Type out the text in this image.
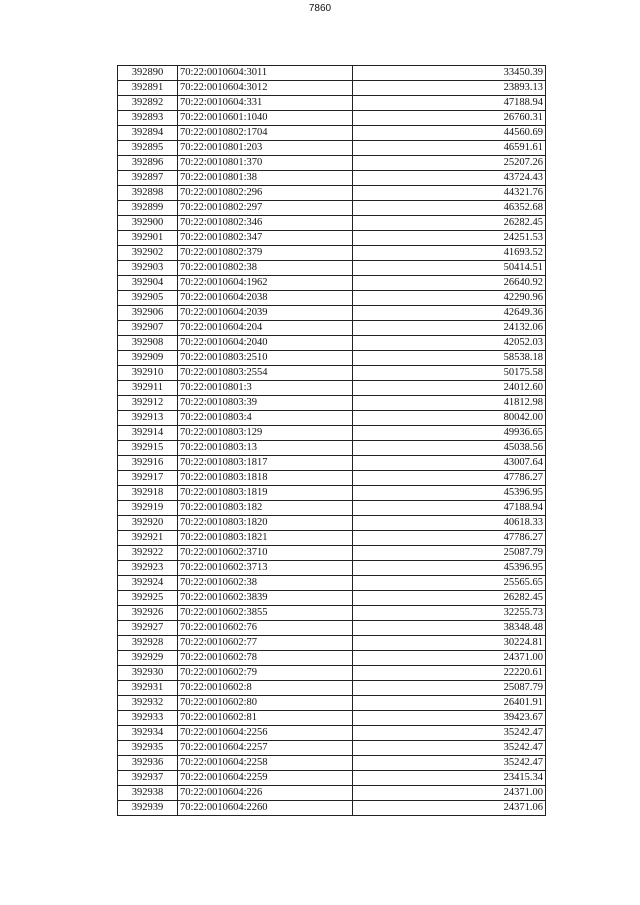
7860
392890	70:22:0010604:3011	33450.39
392891	70:22:0010604:3012	23893.13
392892	70:22:0010604:331	47188.94
392893	70:22:0010601:1040	26760.31
392894	70:22:0010802:1704	44560.69
392895	70:22:0010801:203	46591.61
392896	70:22:0010801:370	25207.26
392897	70:22:0010801:38	43724.43
392898	70:22:0010802:296	44321.76
392899	70:22:0010802:297	46352.68
392900	70:22:0010802:346	26282.45
392901	70:22:0010802:347	24251.53
392902	70:22:0010802:379	41693.52
392903	70:22:0010802:38	50414.51
392904	70:22:0010604:1962	26640.92
392905	70:22:0010604:2038	42290.96
392906	70:22:0010604:2039	42649.36
392907	70:22:0010604:204	24132.06
392908	70:22:0010604:2040	42052.03
392909	70:22:0010803:2510	58538.18
392910	70:22:0010803:2554	50175.58
392911	70:22:0010801:3	24012.60
392912	70:22:0010803:39	41812.98
392913	70:22:0010803:4	80042.00
392914	70:22:0010803:129	49936.65
392915	70:22:0010803:13	45038.56
392916	70:22:0010803:1817	43007.64
392917	70:22:0010803:1818	47786.27
392918	70:22:0010803:1819	45396.95
392919	70:22:0010803:182	47188.94
392920	70:22:0010803:1820	40618.33
392921	70:22:0010803:1821	47786.27
392922	70:22:0010602:3710	25087.79
392923	70:22:0010602:3713	45396.95
392924	70:22:0010602:38	25565.65
392925	70:22:0010602:3839	26282.45
392926	70:22:0010602:3855	32255.73
392927	70:22:0010602:76	38348.48
392928	70:22:0010602:77	30224.81
392929	70:22:0010602:78	24371.00
392930	70:22:0010602:79	22220.61
392931	70:22:0010602:8	25087.79
392932	70:22:0010602:80	26401.91
392933	70:22:0010602:81	39423.67
392934	70:22:0010604:2256	35242.47
392935	70:22:0010604:2257	35242.47
392936	70:22:0010604:2258	35242.47
392937	70:22:0010604:2259	23415.34
392938	70:22:0010604:226	24371.00
392939	70:22:0010604:2260	24371.06
